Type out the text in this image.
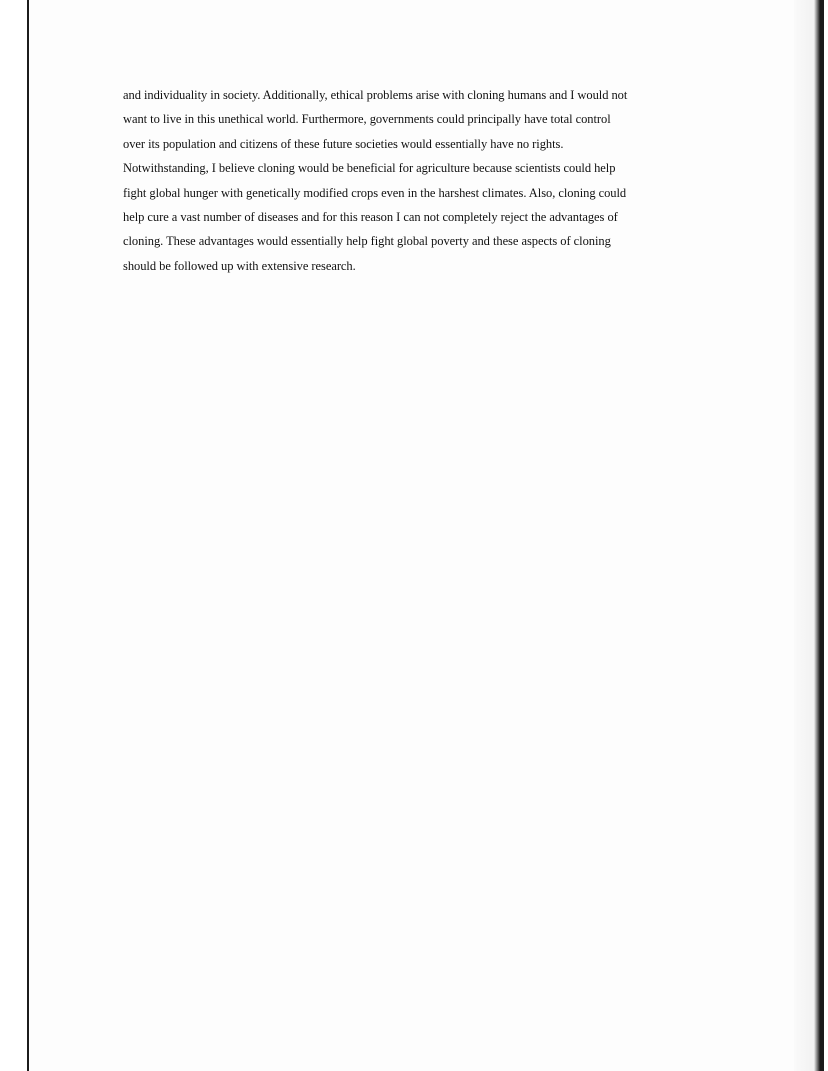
and individuality in society. Additionally, ethical problems arise with cloning humans and I would not
want to live in this unethical world. Furthermore, governments could principally have total control
over its population and citizens of these future societies would essentially have no rights.
Notwithstanding, I believe cloning would be beneficial for agriculture because scientists could help
fight global hunger with genetically modified crops even in the harshest climates. Also, cloning could
help cure a vast number of diseases and for this reason I can not completely reject the advantages of
cloning. These advantages would essentially help fight global poverty and these aspects of cloning
should be followed up with extensive research.
